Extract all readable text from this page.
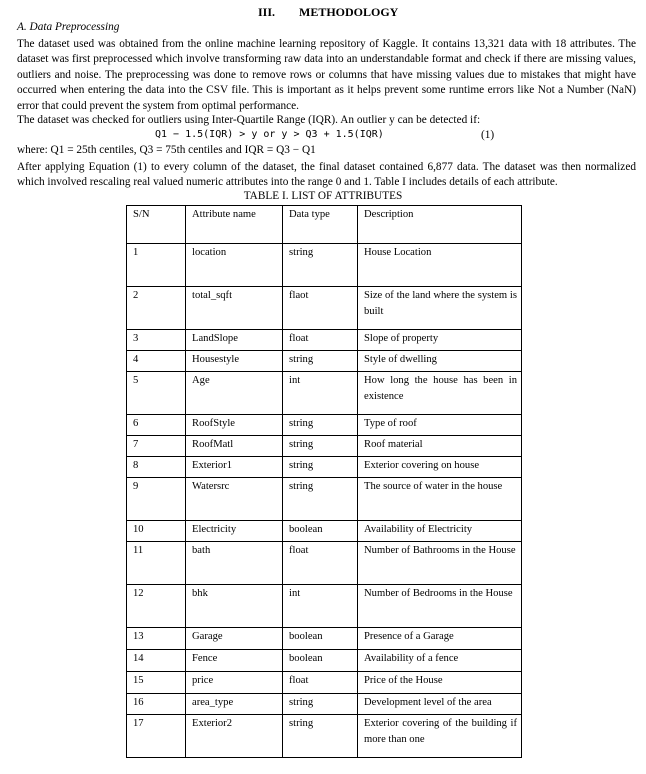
III. METHODOLOGY
A. Data Preprocessing
The dataset used was obtained from the online machine learning repository of Kaggle. It contains 13,321 data with 18 attributes. The dataset was first preprocessed which involve transforming raw data into an understandable format and check if there are missing values, outliers and noise. The preprocessing was done to remove rows or columns that have missing values due to mistakes that might have occurred when entering the data into the CSV file. This is important as it helps prevent some runtime errors like Not a Number (NaN) error that could prevent the system from optimal performance.
The dataset was checked for outliers using Inter-Quartile Range (IQR). An outlier y can be detected if:
Q1 − 1.5(IQR) > y or y > Q3 + 1.5(IQR)	(1)
where: Q1 = 25th centiles, Q3 = 75th centiles and IQR = Q3 − Q1
After applying Equation (1) to every column of the dataset, the final dataset contained 6,877 data. The dataset was then normalized which involved rescaling real valued numeric attributes into the range 0 and 1. Table I includes details of each attribute.
TABLE I. LIST OF ATTRIBUTES
S/N	Attribute name	Data type	Description
1	location	string	House Location
2	total_sqft	flaot	Size of the land where the system is built
3	LandSlope	float	Slope of property
4	Housestyle	string	Style of dwelling
5	Age	int	How long the house has been in existence
6	RoofStyle	string	Type of roof
7	RoofMatl	string	Roof material
8	Exterior1	string	Exterior covering on house
9	Watersrc	string	The source of water in the house
10	Electricity	boolean	Availability of Electricity
11	bath	float	Number of Bathrooms in the House
12	bhk	int	Number of Bedrooms in the House
13	Garage	boolean	Presence of a Garage
14	Fence	boolean	Availability of a fence
15	price	float	Price of the House
16	area_type	string	Development level of the area
17	Exterior2	string	Exterior covering of the building if more than one
